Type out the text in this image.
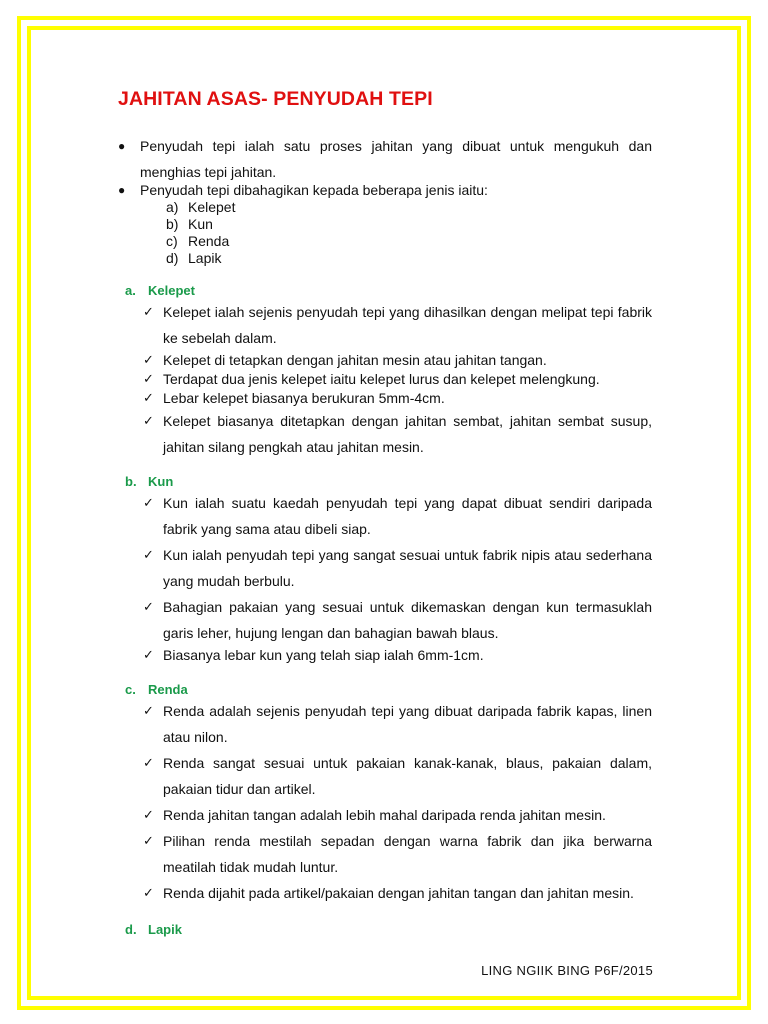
JAHITAN ASAS- PENYUDAH TEPI
● Penyudah tepi ialah satu proses jahitan yang dibuat untuk mengukuh dan menghias tepi jahitan.
● Penyudah tepi dibahagikan kepada beberapa jenis iaitu:
a) Kelepet
b) Kun
c) Renda
d) Lapik
a. Kelepet
✓ Kelepet ialah sejenis penyudah tepi yang dihasilkan dengan melipat tepi fabrik ke sebelah dalam.
✓ Kelepet di tetapkan dengan jahitan mesin atau jahitan tangan.
✓ Terdapat dua jenis kelepet iaitu kelepet lurus dan kelepet melengkung.
✓ Lebar kelepet biasanya berukuran 5mm-4cm.
✓ Kelepet biasanya ditetapkan dengan jahitan sembat, jahitan sembat susup, jahitan silang pengkah atau jahitan mesin.
b. Kun
✓ Kun ialah suatu kaedah penyudah tepi yang dapat dibuat sendiri daripada fabrik yang sama atau dibeli siap.
✓ Kun ialah penyudah tepi yang sangat sesuai untuk fabrik nipis atau sederhana yang mudah berbulu.
✓ Bahagian pakaian yang sesuai untuk dikemaskan dengan kun termasuklah garis leher, hujung lengan dan bahagian bawah blaus.
✓ Biasanya lebar kun yang telah siap ialah 6mm-1cm.
c. Renda
✓ Renda adalah sejenis penyudah tepi yang dibuat daripada fabrik kapas, linen atau nilon.
✓ Renda sangat sesuai untuk pakaian kanak-kanak, blaus, pakaian dalam, pakaian tidur dan artikel.
✓ Renda jahitan tangan adalah lebih mahal daripada renda jahitan mesin.
✓ Pilihan renda mestilah sepadan dengan warna fabrik dan jika berwarna meatilah tidak mudah luntur.
✓ Renda dijahit pada artikel/pakaian dengan jahitan tangan dan jahitan mesin.
d. Lapik
LING NGIIK BING P6F/2015
